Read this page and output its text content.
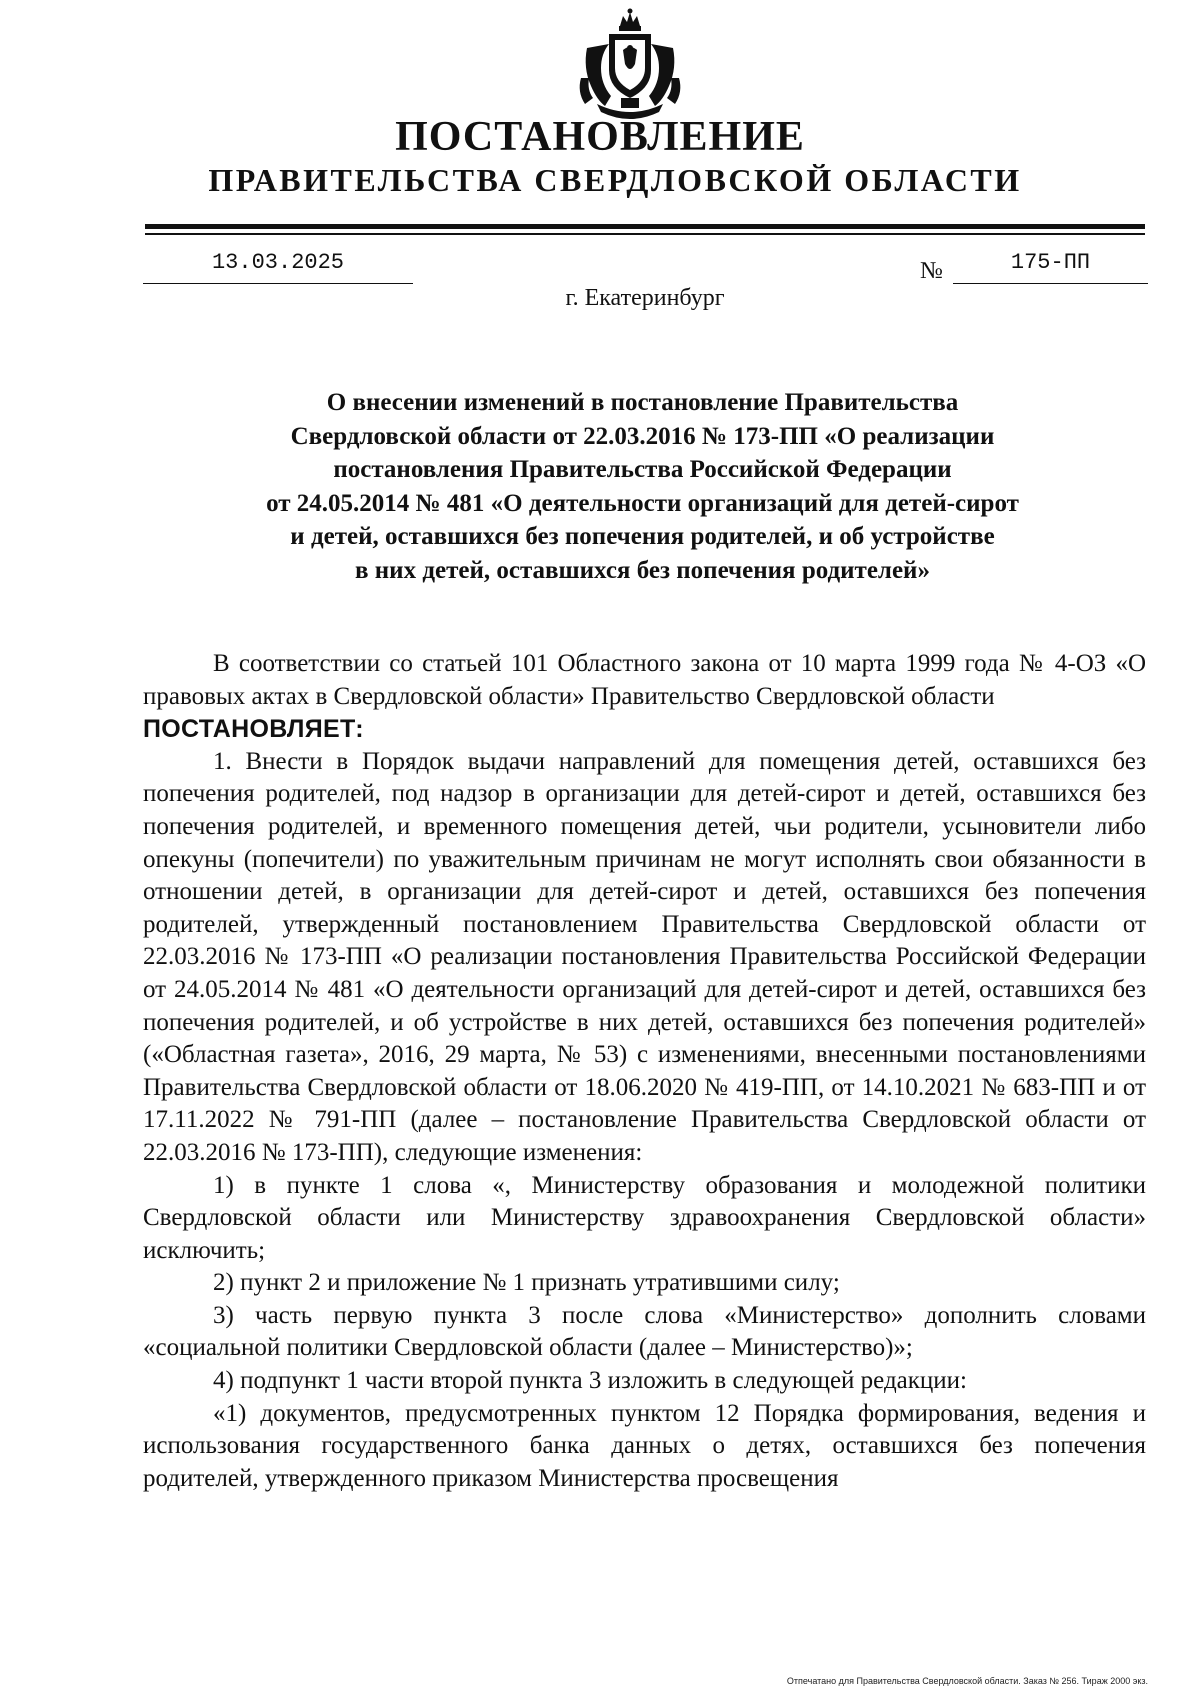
ПОСТАНОВЛЕНИЕ
ПРАВИТЕЛЬСТВА СВЕРДЛОВСКОЙ ОБЛАСТИ
13.03.2025	№	175-ПП
г. Екатеринбург
О внесении изменений в постановление Правительства
Свердловской области от 22.03.2016 № 173-ПП «О реализации
постановления Правительства Российской Федерации
от 24.05.2014 № 481 «О деятельности организаций для детей-сирот
и детей, оставшихся без попечения родителей, и об устройстве
в них детей, оставшихся без попечения родителей»

В соответствии со статьей 101 Областного закона от 10 марта 1999 года № 4-ОЗ «О правовых актах в Свердловской области» Правительство Свердловской области

ПОСТАНОВЛЯЕТ:

1. Внести в Порядок выдачи направлений для помещения детей, оставшихся без попечения родителей, под надзор в организации для детей-сирот и детей, оставшихся без попечения родителей, и временного помещения детей, чьи родители, усыновители либо опекуны (попечители) по уважительным причинам не могут исполнять свои обязанности в отношении детей, в организации для детей-сирот и детей, оставшихся без попечения родителей, утвержденный постановлением Правительства Свердловской области от 22.03.2016 № 173-ПП «О реализации постановления Правительства Российской Федерации от 24.05.2014 № 481 «О деятельности организаций для детей-сирот и детей, оставшихся без попечения родителей, и об устройстве в них детей, оставшихся без попечения родителей» («Областная газета», 2016, 29 марта, № 53) с изменениями, внесенными постановлениями Правительства Свердловской области от 18.06.2020 № 419-ПП, от 14.10.2021 № 683-ПП и от 17.11.2022 № 791-ПП (далее – постановление Правительства Свердловской области от 22.03.2016 № 173-ПП), следующие изменения:

1) в пункте 1 слова «, Министерству образования и молодежной политики Свердловской области или Министерству здравоохранения Свердловской области» исключить;

2) пункт 2 и приложение № 1 признать утратившими силу;

3) часть первую пункта 3 после слова «Министерство» дополнить словами «социальной политики Свердловской области (далее – Министерство)»;

4) подпункт 1 части второй пункта 3 изложить в следующей редакции:

«1) документов, предусмотренных пунктом 12 Порядка формирования, ведения и использования государственного банка данных о детях, оставшихся без попечения родителей, утвержденного приказом Министерства просвещения

Отпечатано для Правительства Свердловской области. Заказ № 256. Тираж 2000 экз.
